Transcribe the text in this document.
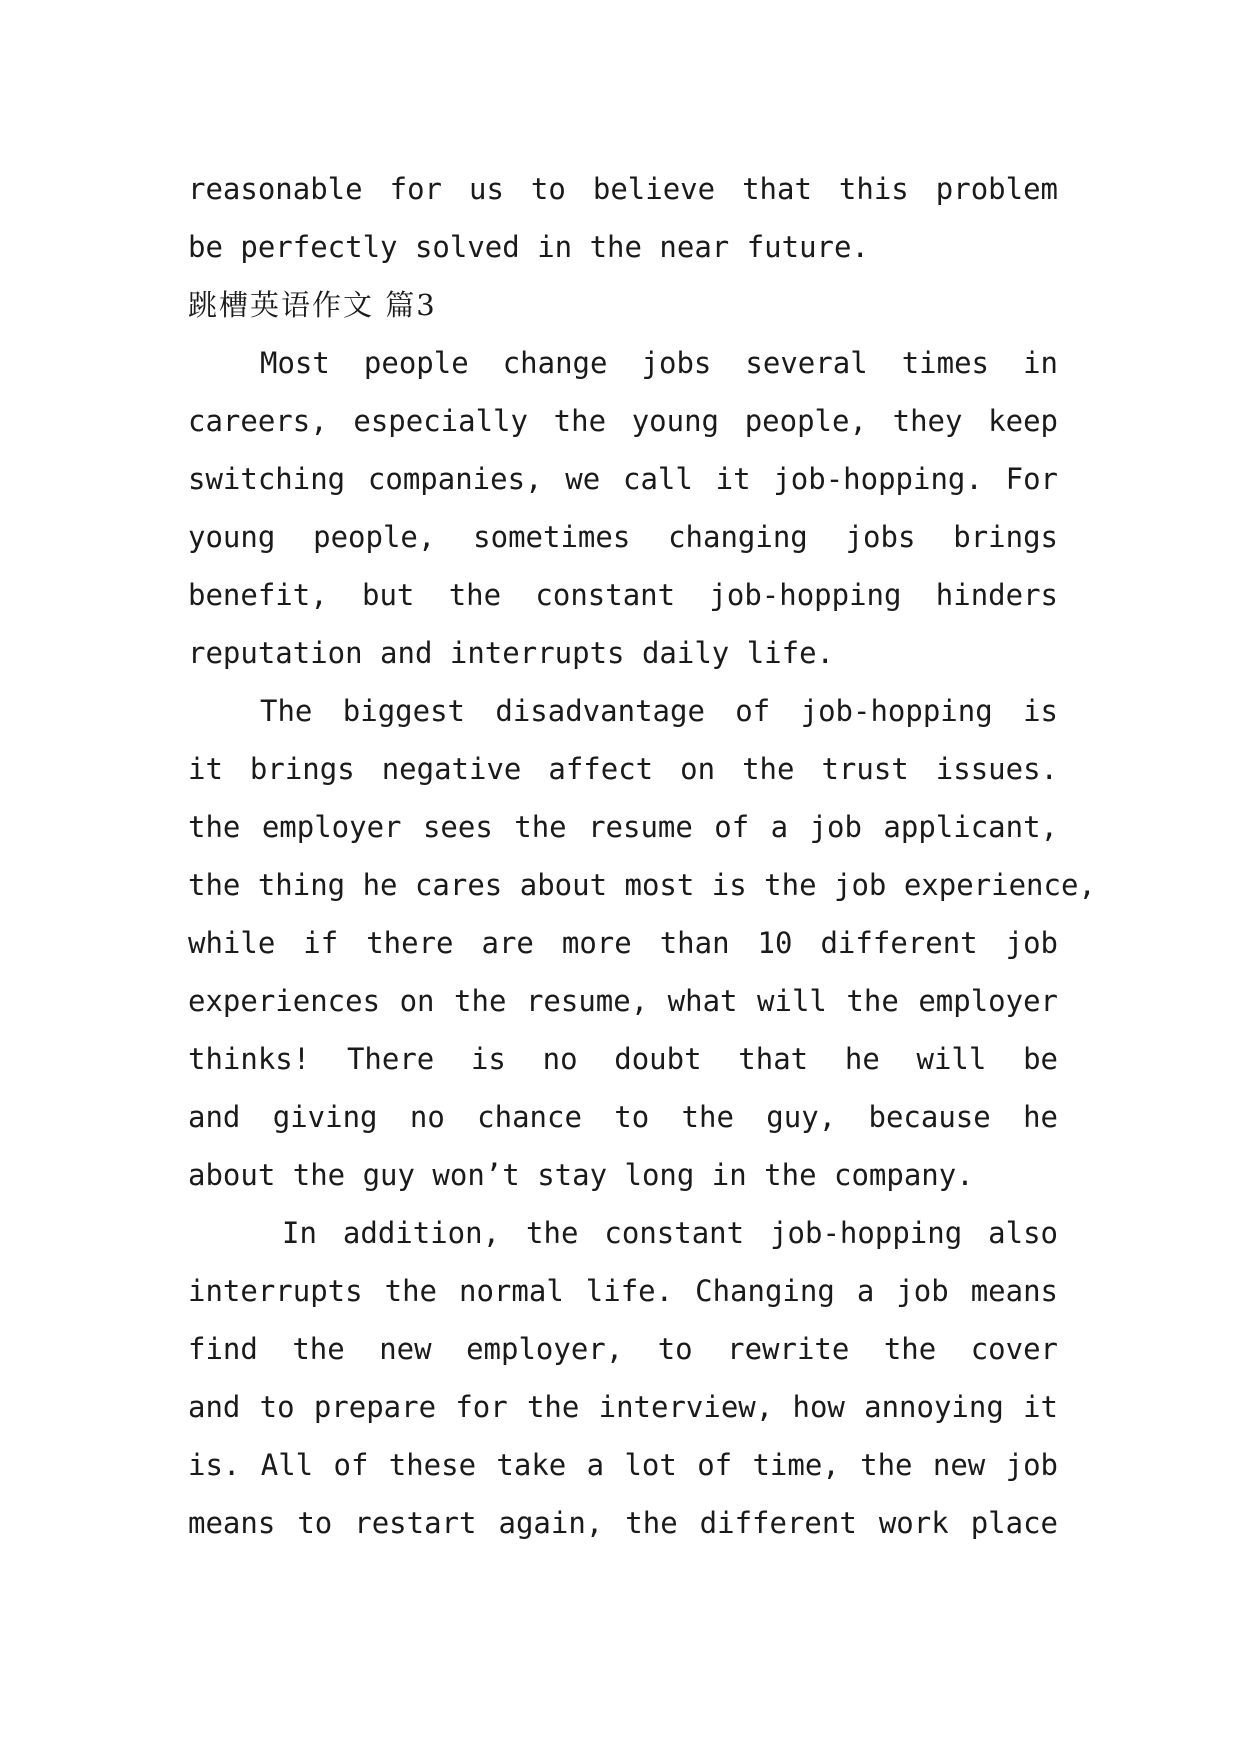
reasonable for us to believe that this problem
be perfectly solved in the near future.
跳槽英语作文 篇3
Most people change jobs several times in
careers, especially the young people, they keep
switching companies, we call it job-hopping. For
young people, sometimes changing jobs brings
benefit, but the constant job-hopping hinders
reputation and interrupts daily life.
The biggest disadvantage of job-hopping is
it brings negative affect on the trust issues.
the employer sees the resume of a job applicant,
the thing he cares about most is the job experience,
while if there are more than 10 different job
experiences on the resume, what will the employer
thinks! There is no doubt that he will be
and giving no chance to the guy, because he
about the guy won’t stay long in the company.
In addition, the constant job-hopping also
interrupts the normal life. Changing a job means
find the new employer, to rewrite the cover
and to prepare for the interview, how annoying it
is. All of these take a lot of time, the new job
means to restart again, the different work place
